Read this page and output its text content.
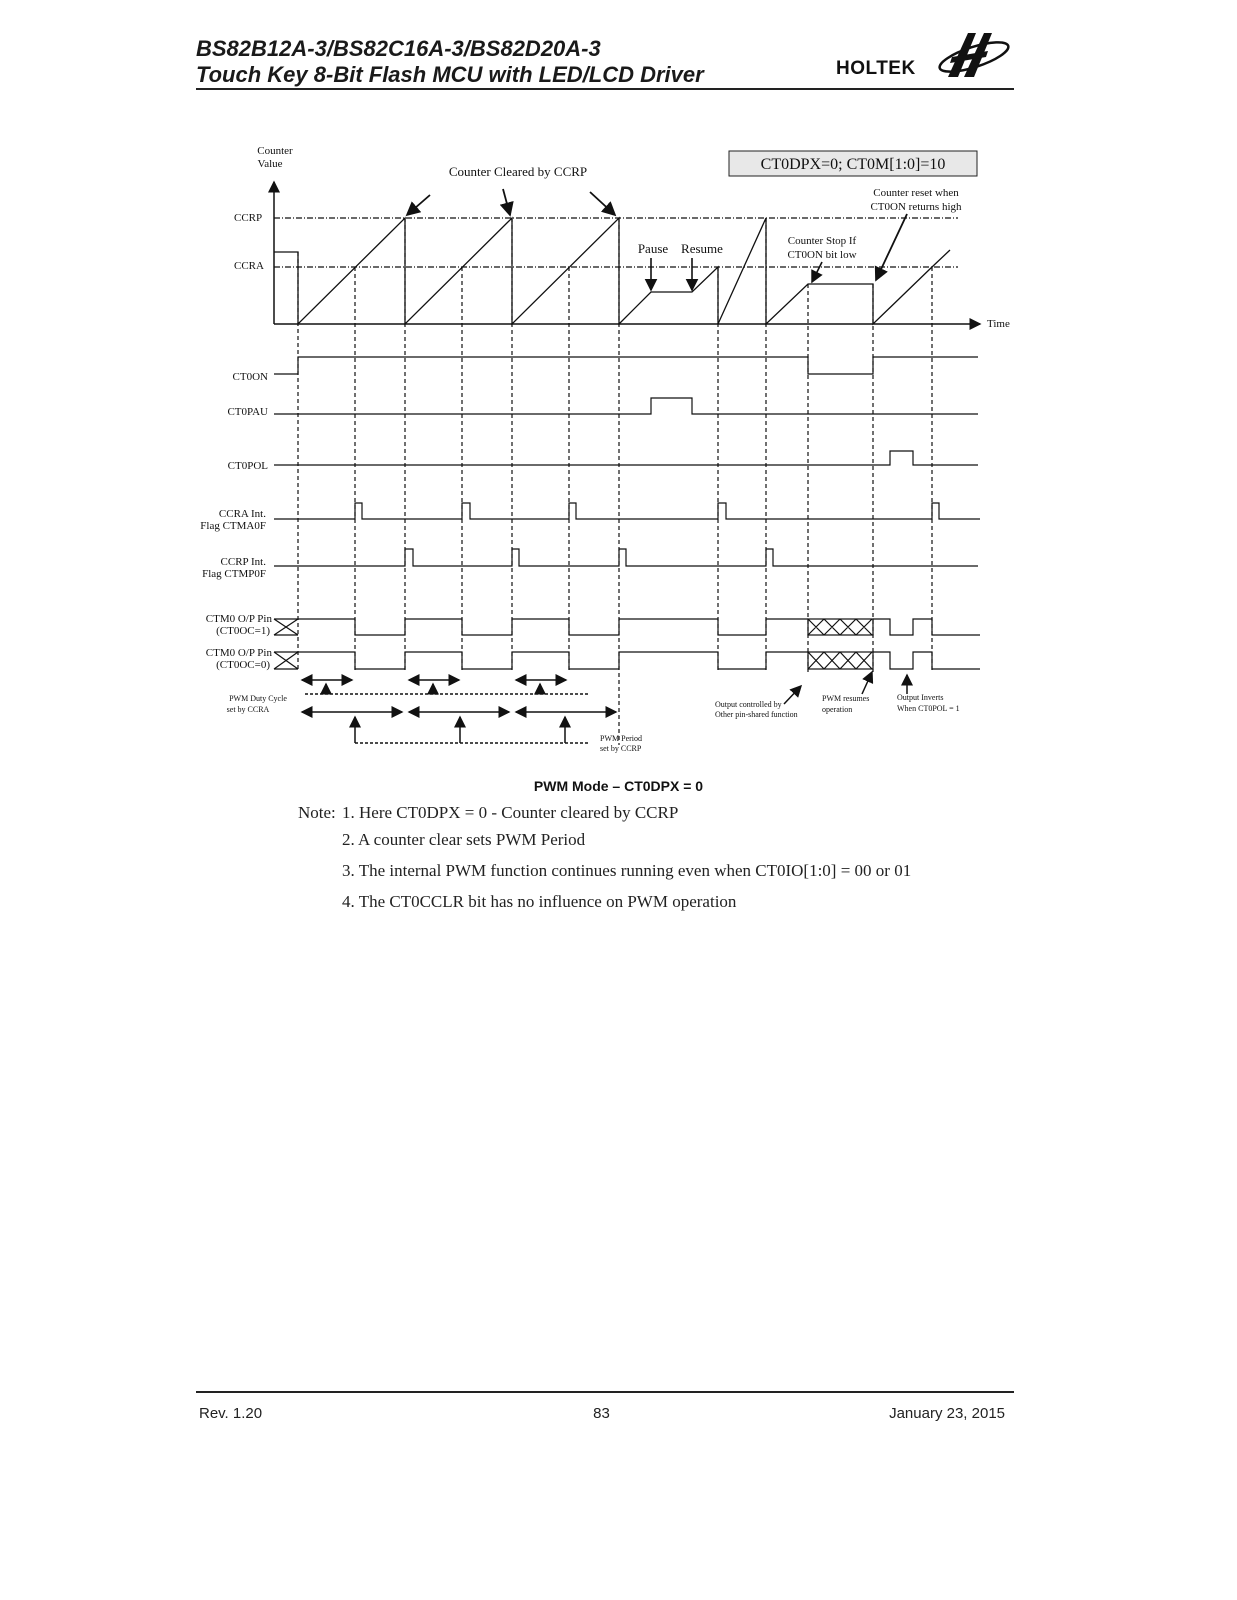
BS82B12A-3/BS82C16A-3/BS82D20A-3
Touch Key 8-Bit Flash MCU with LED/LCD Driver	HOLTEK
CT0DPX=0; CT0M[1:0]=10
Counter
Value
Time
CCRP
CCRA
Counter Cleared by CCRP
Pause Resume	Counter Stop If
CT0ON bit low
Counter reset when
CT0ON returns high
CT0ON
CT0PAU
CT0POL
CCRA Int.
Flag CTMA0F
CCRP Int.
Flag CTMP0F
CTM0 O/P Pin
(CT0OC=1)
CTM0 O/P Pin
(CT0OC=0)
PWM Duty Cycle
set by CCRA
PWM Period
set by CCRP
Output controlled by
Other pin-shared function
PWM resumes
operation
Output Inverts
When CT0POL = 1
PWM Mode – CT0DPX = 0
Note: 1. Here CT0DPX = 0 - Counter cleared by CCRP
2. A counter clear sets PWM Period
3. The internal PWM function continues running even when CT0IO[1:0] = 00 or 01
4. The CT0CCLR bit has no influence on PWM operation
Rev. 1.20	83	January 23, 2015
